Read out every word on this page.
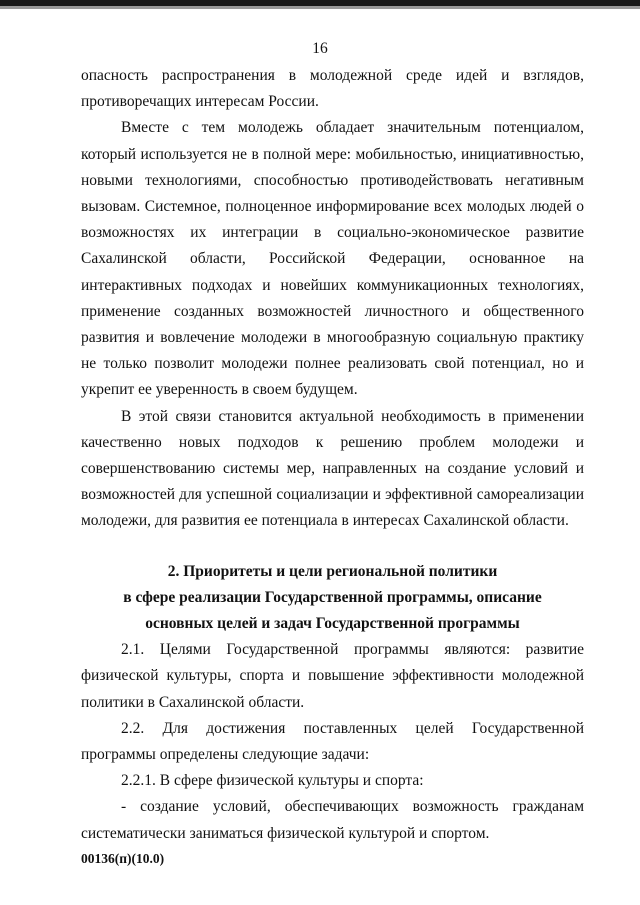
16

опасность распространения в молодежной среде идей и взглядов, противоречащих интересам России.

Вместе с тем молодежь обладает значительным потенциалом, который используется не в полной мере: мобильностью, инициативностью, новыми технологиями, способностью противодействовать негативным вызовам. Системное, полноценное информирование всех молодых людей о возможностях их интеграции в социально-экономическое развитие Сахалинской области, Российской Федерации, основанное на интерактивных подходах и новейших коммуникационных технологиях, применение созданных возможностей личностного и общественного развития и вовлечение молодежи в многообразную социальную практику не только позволит молодежи полнее реализовать свой потенциал, но и укрепит ее уверенность в своем будущем.

В этой связи становится актуальной необходимость в применении качественно новых подходов к решению проблем молодежи и совершенствованию системы мер, направленных на создание условий и возможностей для успешной социализации и эффективной самореализации молодежи, для развития ее потенциала в интересах Сахалинской области.

2. Приоритеты и цели региональной политики
в сфере реализации Государственной программы, описание
основных целей и задач Государственной программы

2.1. Целями Государственной программы являются: развитие физической культуры, спорта и повышение эффективности молодежной политики в Сахалинской области.

2.2. Для достижения поставленных целей Государственной программы определены следующие задачи:

2.2.1. В сфере физической культуры и спорта:

- создание условий, обеспечивающих возможность гражданам систематически заниматься физической культурой и спортом.

00136(п)(10.0)
